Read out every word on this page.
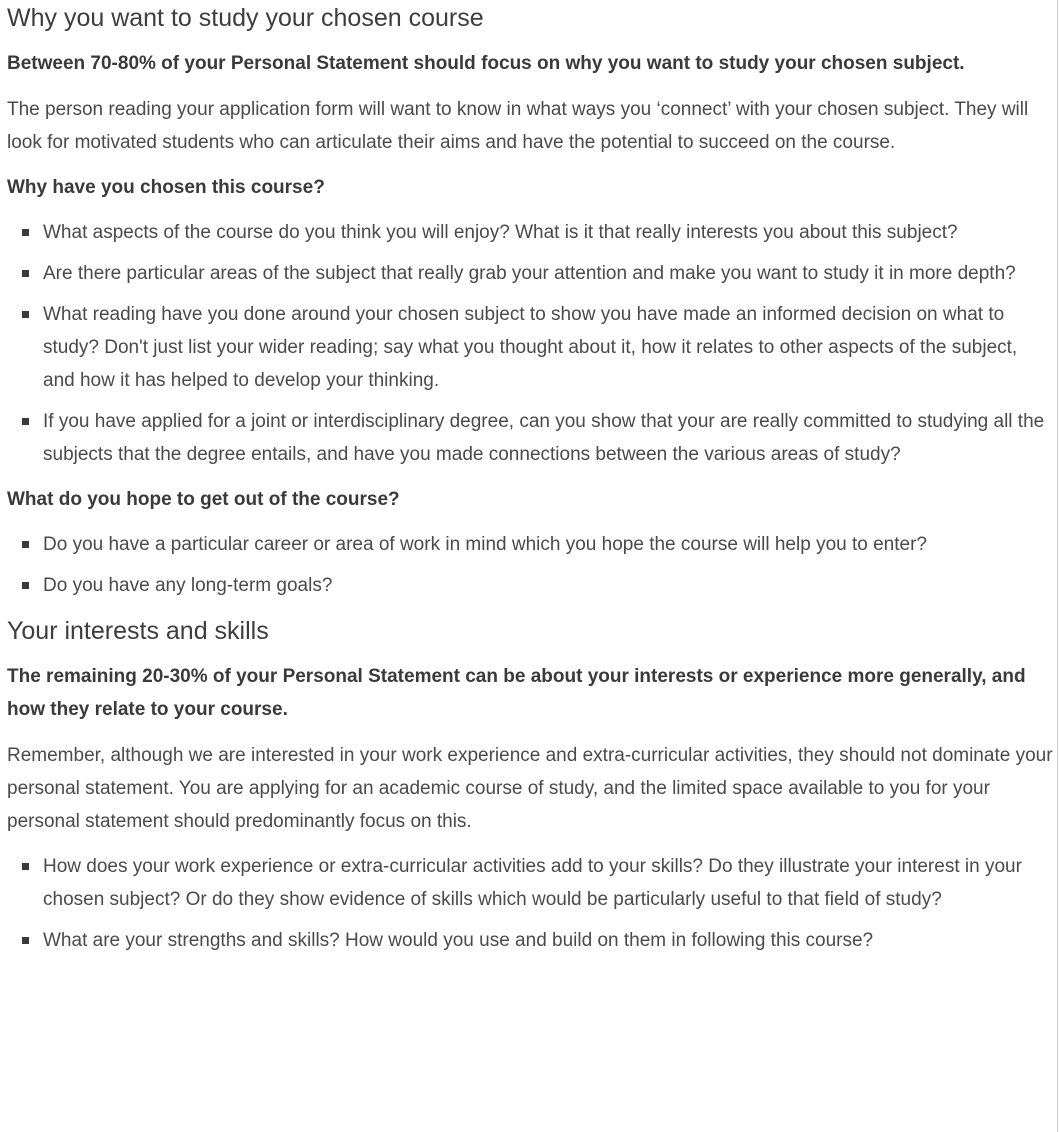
Why you want to study your chosen course

Between 70-80% of your Personal Statement should focus on why you want to study your chosen subject.

The person reading your application form will want to know in what ways you ‘connect’ with your chosen subject. They will look for motivated students who can articulate their aims and have the potential to succeed on the course.

Why have you chosen this course?

What aspects of the course do you think you will enjoy? What is it that really interests you about this subject?
Are there particular areas of the subject that really grab your attention and make you want to study it in more depth?
What reading have you done around your chosen subject to show you have made an informed decision on what to study? Don't just list your wider reading; say what you thought about it, how it relates to other aspects of the subject, and how it has helped to develop your thinking.
If you have applied for a joint or interdisciplinary degree, can you show that your are really committed to studying all the subjects that the degree entails, and have you made connections between the various areas of study?

What do you hope to get out of the course?

Do you have a particular career or area of work in mind which you hope the course will help you to enter?
Do you have any long-term goals?
Your interests and skills

The remaining 20-30% of your Personal Statement can be about your interests or experience more generally, and how they relate to your course.

Remember, although we are interested in your work experience and extra-curricular activities, they should not dominate your personal statement. You are applying for an academic course of study, and the limited space available to you for your personal statement should predominantly focus on this.

How does your work experience or extra-curricular activities add to your skills? Do they illustrate your interest in your chosen subject? Or do they show evidence of skills which would be particularly useful to that field of study?
What are your strengths and skills? How would you use and build on them in following this course?
